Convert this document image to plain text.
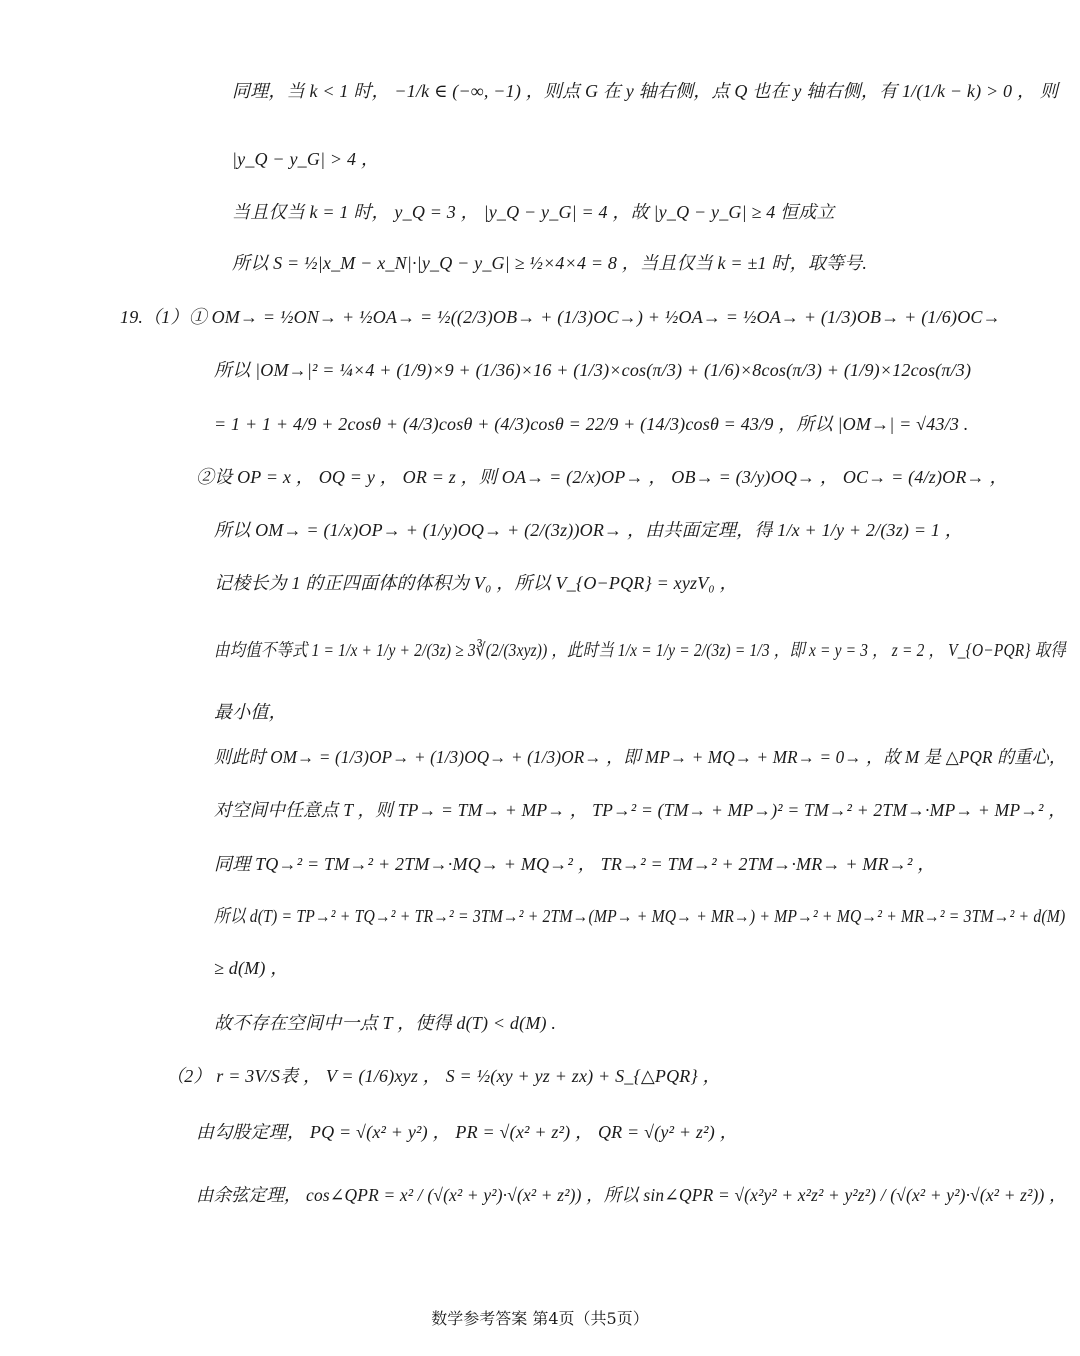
同理，当 k < 1 时， −1/k ∈ (−∞, −1) ，则点 G 在 y 轴右侧，点 Q 也在 y 轴右侧，有 1/(1/k − k) > 0 ， 则
|y_Q − y_G| > 4 ，
当且仅当 k = 1 时， y_Q = 3 ， |y_Q − y_G| = 4 ，故 |y_Q − y_G| ≥ 4 恒成立
所以 S = ½|x_M − x_N|·|y_Q − y_G| ≥ ½×4×4 = 8 ，当且仅当 k = ±1 时，取等号.
19.（1）① OM→ = ½ON→ + ½OA→ = ½((2/3)OB→ + (1/3)OC→) + ½OA→ = ½OA→ + (1/3)OB→ + (1/6)OC→
所以 |OM→|² = ¼×4 + (1/9)×9 + (1/36)×16 + (1/3)×cos(π/3) + (1/6)×8cos(π/3) + (1/9)×12cos(π/3)
= 1 + 1 + 4/9 + 2cosθ + (4/3)cosθ + (4/3)cosθ = 22/9 + (14/3)cosθ = 43/9 ，所以 |OM→| = √43/3 .
②设 OP = x ， OQ = y ， OR = z ，则 OA→ = (2/x)OP→ ， OB→ = (3/y)OQ→ ， OC→ = (4/z)OR→ ，
所以 OM→ = (1/x)OP→ + (1/y)OQ→ + (2/(3z))OR→ ，由共面定理，得 1/x + 1/y + 2/(3z) = 1 ，
记棱长为 1 的正四面体的体积为 V₀ ，所以 V_{O−PQR} = xyzV₀ ，
由均值不等式 1 = 1/x + 1/y + 2/(3z) ≥ 3∛(2/(3xyz)) ，此时当 1/x = 1/y = 2/(3z) = 1/3 ，即 x = y = 3 ， z = 2 ， V_{O−PQR} 取得
最小值，
则此时 OM→ = (1/3)OP→ + (1/3)OQ→ + (1/3)OR→ ，即 MP→ + MQ→ + MR→ = 0→ ，故 M 是 △PQR 的重心，
对空间中任意点 T ，则 TP→ = TM→ + MP→ ， TP→² = (TM→ + MP→)² = TM→² + 2TM→·MP→ + MP→² ，
同理 TQ→² = TM→² + 2TM→·MQ→ + MQ→² ， TR→² = TM→² + 2TM→·MR→ + MR→² ，
所以 d(T) = TP→² + TQ→² + TR→² = 3TM→² + 2TM→(MP→ + MQ→ + MR→) + MP→² + MQ→² + MR→² = 3TM→² + d(M)
≥ d(M) ，
故不存在空间中一点 T ，使得 d(T) < d(M) .
（2） r = 3V/S表 ， V = (1/6)xyz ， S = ½(xy + yz + zx) + S_{△PQR} ，
由勾股定理， PQ = √(x² + y²) ， PR = √(x² + z²) ， QR = √(y² + z²) ，
由余弦定理， cos∠QPR = x² / (√(x² + y²)·√(x² + z²)) ，所以 sin∠QPR = √(x²y² + x²z² + y²z²) / (√(x² + y²)·√(x² + z²)) ，
数学参考答案 第4页（共5页）
